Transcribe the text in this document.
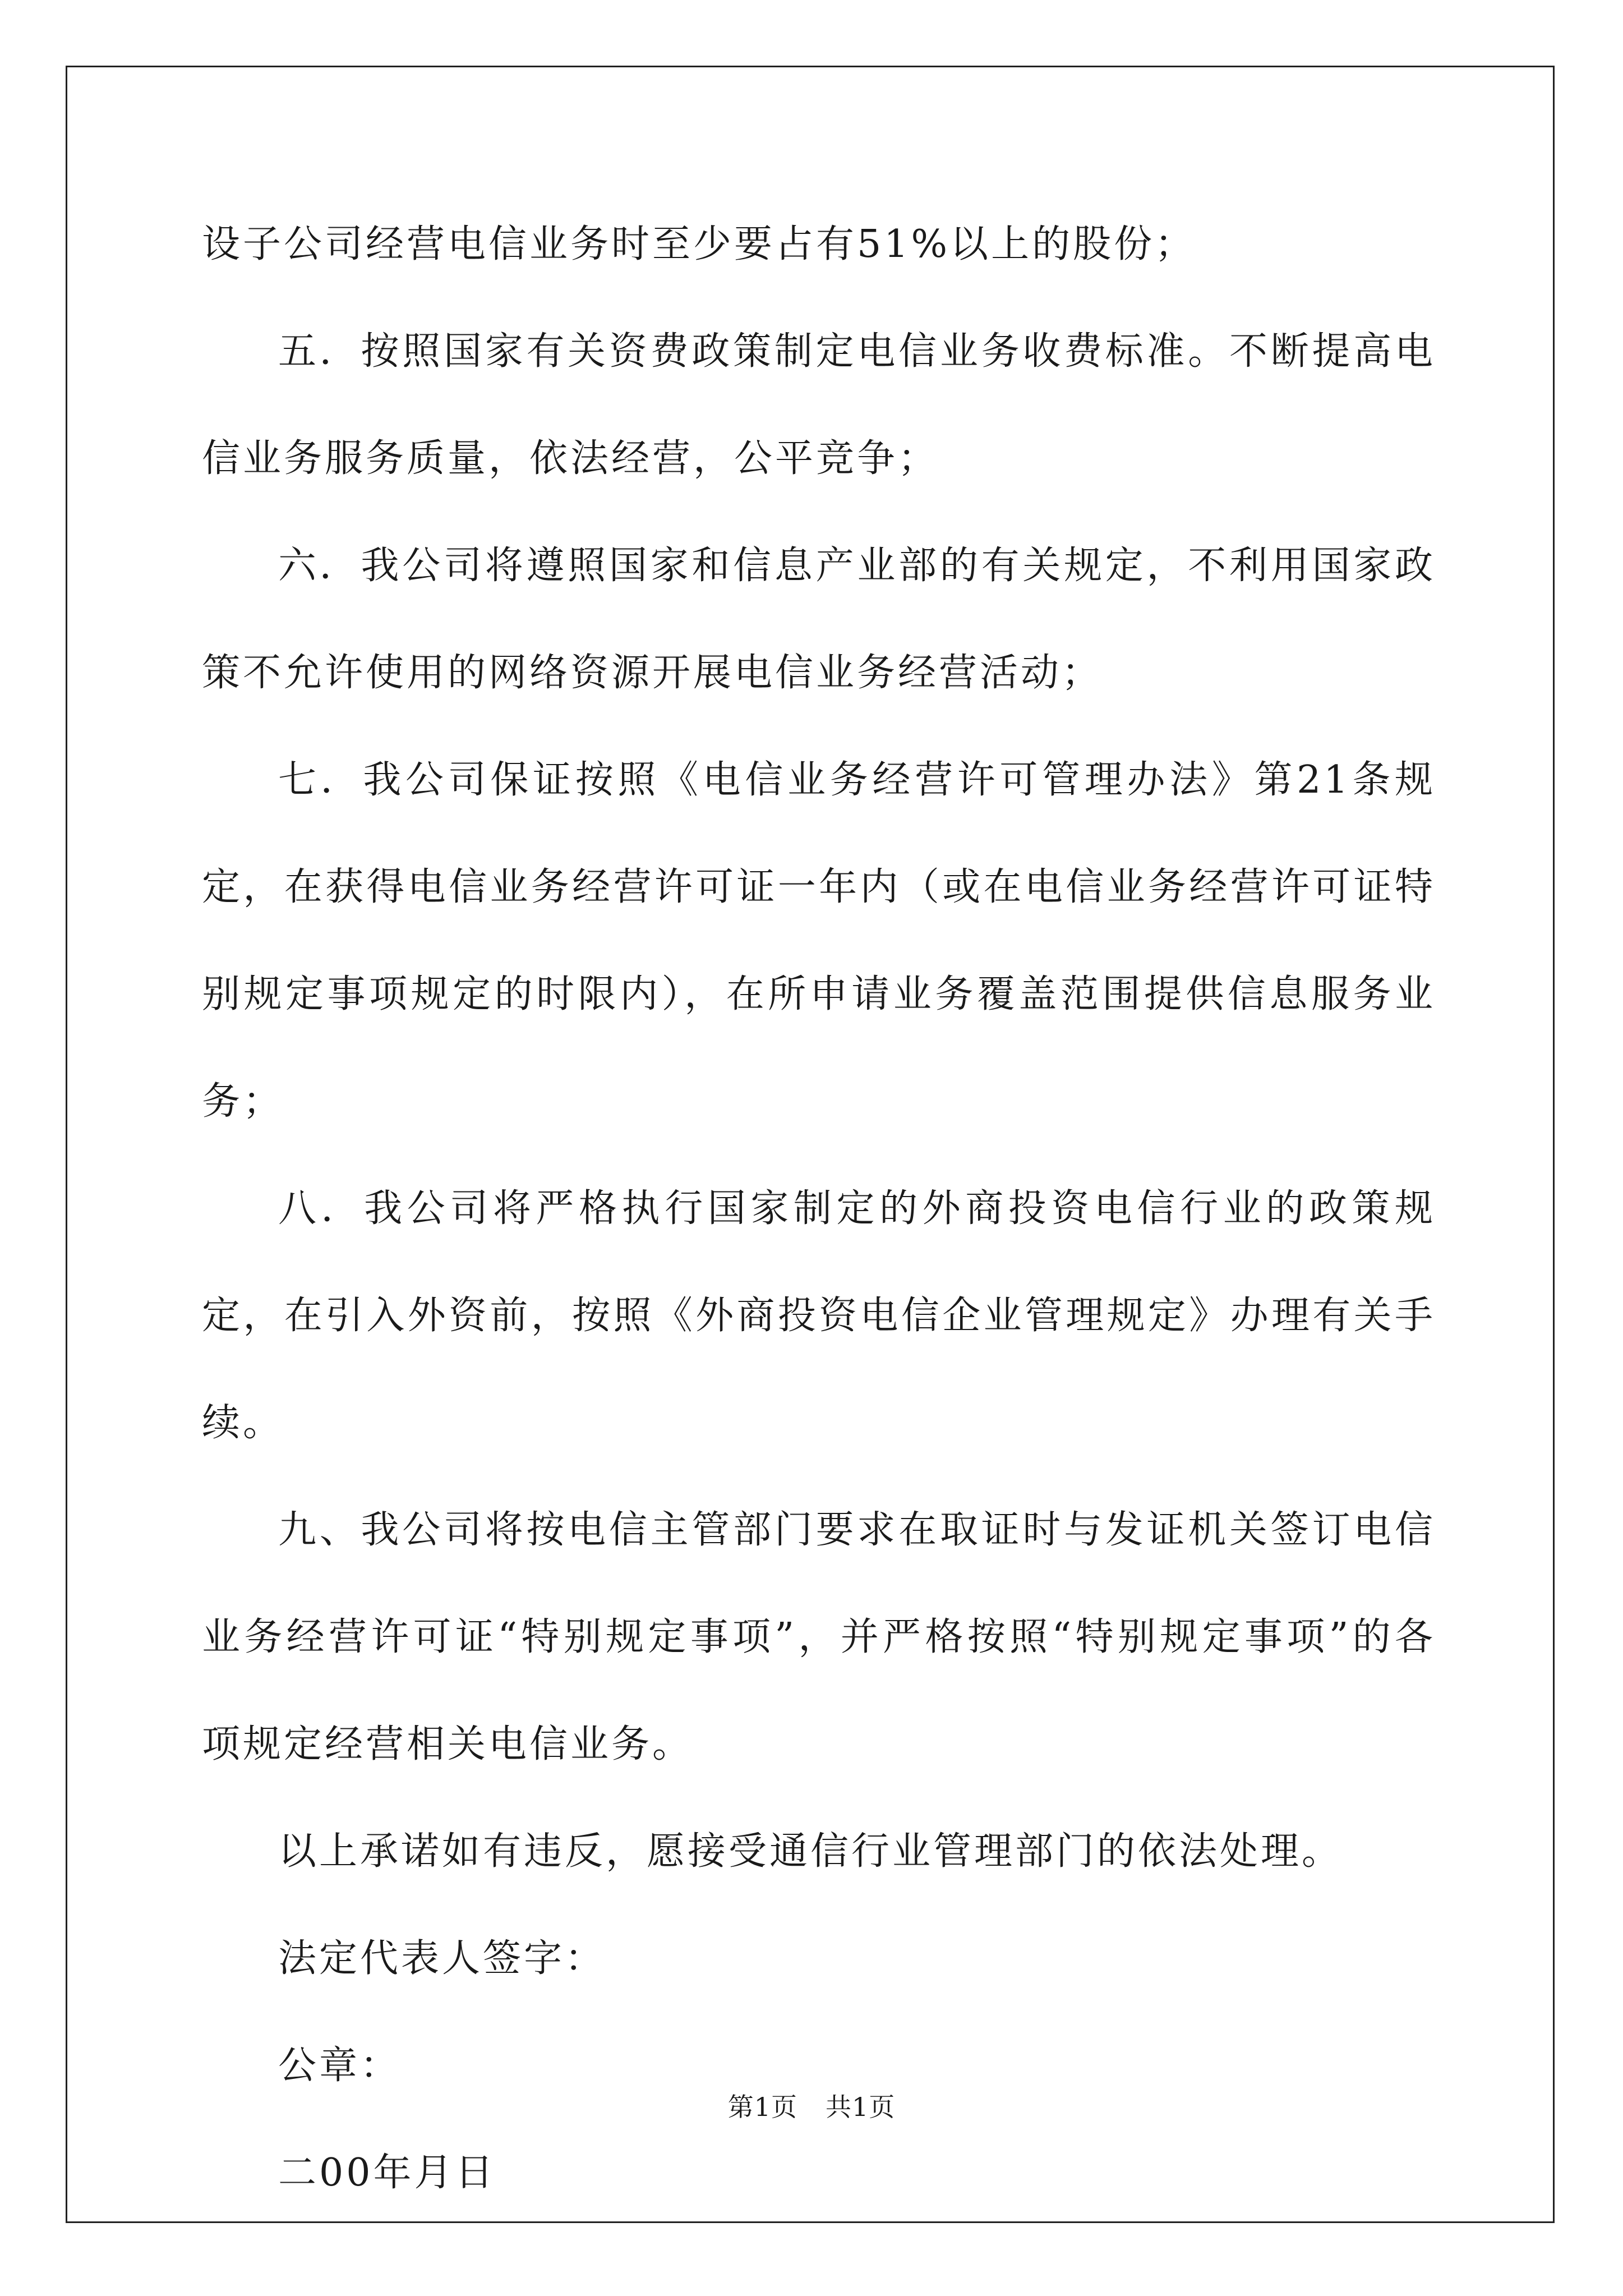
设子公司经营电信业务时至少要占有51%以上的股份；

五．按照国家有关资费政策制定电信业务收费标准。不断提高电信业务服务质量，依法经营，公平竞争；

六．我公司将遵照国家和信息产业部的有关规定，不利用国家政策不允许使用的网络资源开展电信业务经营活动；

七．我公司保证按照《电信业务经营许可管理办法》第21条规定，在获得电信业务经营许可证一年内（或在电信业务经营许可证特别规定事项规定的时限内），在所申请业务覆盖范围提供信息服务业务；

八．我公司将严格执行国家制定的外商投资电信行业的政策规定，在引入外资前，按照《外商投资电信企业管理规定》办理有关手续。

九、我公司将按电信主管部门要求在取证时与发证机关签订电信业务经营许可证“特别规定事项”，并严格按照“特别规定事项”的各项规定经营相关电信业务。

以上承诺如有违反，愿接受通信行业管理部门的依法处理。

法定代表人签字：

公章：

二00年月日

第1页 共1页
